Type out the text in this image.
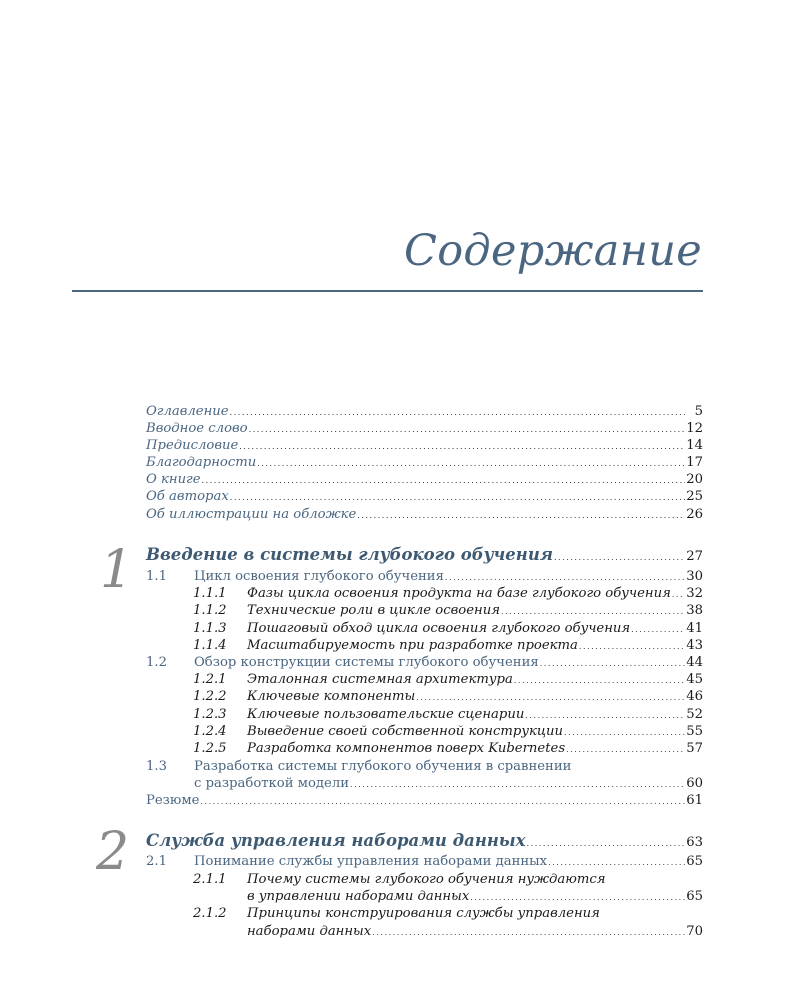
Содержание
Оглавление . . .	5
Вводное слово . . .	12
Предисловие . . .	14
Благодарности . . .	17
О книге . . .	20
Об авторах . . .	25
Об иллюстрации на обложке . . .	26
1 Введение в системы глубокого обучения . . .	27
1.1	Цикл освоения глубокого обучения . . .	30
1.1.1	Фазы цикла освоения продукта на базе глубокого обучения . . . 32
1.1.2	Технические роли в цикле освоения . . .	38
1.1.3	Пошаговый обход цикла освоения глубокого обучения . . .	41
1.1.4	Масштабируемость при разработке проекта . . .	43
1.2	Обзор конструкции системы глубокого обучения . . .	44
1.2.1	Эталонная системная архитектура . . .	45
1.2.2	Ключевые компоненты . . .	46
1.2.3	Ключевые пользовательские сценарии . . .	52
1.2.4	Выведение своей собственной конструкции . . .	55
1.2.5	Разработка компонентов поверх Kubernetes . . .	57
1.3	Разработка системы глубокого обучения в сравнении
с разработкой модели . . .	60
Резюме . . .	61
2 Служба управления наборами данных . . .	63
2.1	Понимание службы управления наборами данных . . .	65
2.1.1	Почему системы глубокого обучения нуждаются
в управлении наборами данных . . .	65
2.1.2	Принципы конструирования службы управления
наборами данных . . .	70
